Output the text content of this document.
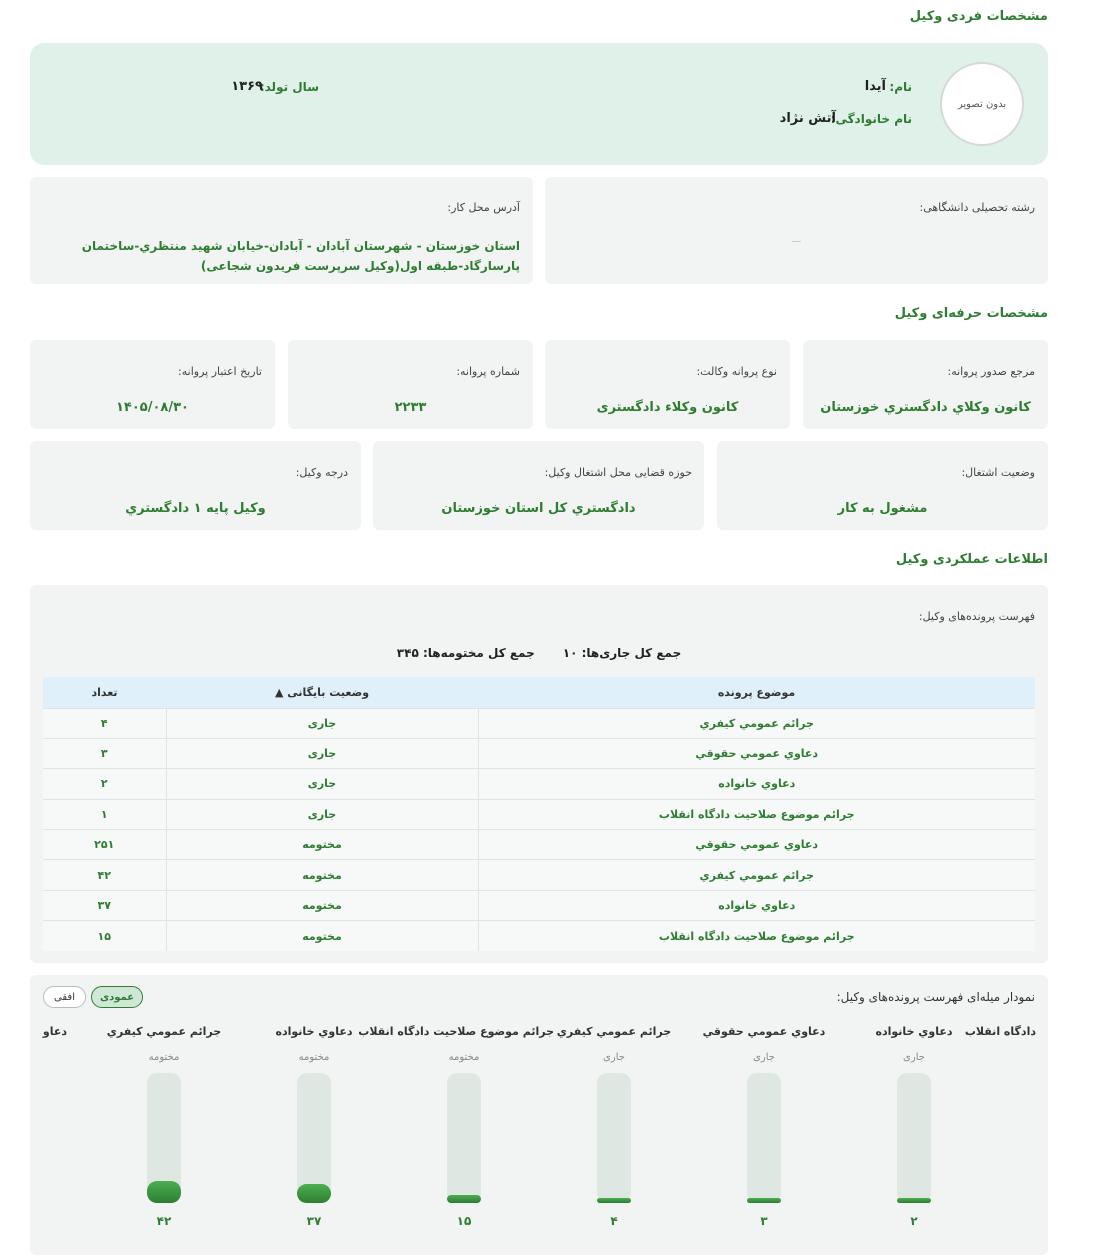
مشخصات فردی وکیل
بدون تصویر
نام:
آیدا
نام خانوادگی:
آتش نژاد
سال تولد:
۱۳۶۹
رشته تحصیلی دانشگاهی:
—
آدرس محل کار:
استان خوزستان - شهرستان آبادان - آبادان-خیابان شهید منتظري-ساختمان پارسارگاد-طبقه اول(وکیل سرپرست فریدون شجاعی)
مشخصات حرفه‌ای وکیل
مرجع صدور پروانه:
كانون وكلاي دادگستري خوزستان
نوع پروانه وکالت:
کانون وکلاء دادگستری
شماره پروانه:
۲۲۳۳
تاریخ اعتبار پروانه:
۱۴۰۵/۰۸/۳۰
وضعیت اشتغال:
مشغول به کار
حوزه قضایی محل اشتغال وکیل:
دادگستري كل استان خوزستان
درجه وکیل:
وكيل پايه ۱ دادگستري
اطلاعات عملکردی وکیل
فهرست پرونده‌های وکیل:
جمع کل جاری‌ها: ۱۰
جمع کل مختومه‌ها: ۳۴۵
موضوع پرونده	وضعیت بایگانی ▲	تعداد
جرائم عمومي كيفري	جاری	۴
دعاوي عمومي حقوقي	جاری	۳
دعاوي خانواده	جاری	۲
جرائم موضوع صلاحيت دادگاه انقلاب	جاری	۱
دعاوي عمومي حقوقي	مختومه	۲۵۱
جرائم عمومي كيفري	مختومه	۴۲
دعاوي خانواده	مختومه	۳۷
جرائم موضوع صلاحيت دادگاه انقلاب	مختومه	۱۵
نمودار میله‌ای فهرست پرونده‌های وکیل:
عمودی
افقی
دادگاه انقلاب
دعاو	دعاوي خانواده
جاری
۲
دعاوي عمومي حقوقي
جاری
۳
جرائم عمومي كيفري
جاری
۴
جرائم موضوع صلاحيت دادگاه انقلاب
مختومه
۱۵
دعاوي خانواده
مختومه
۳۷
جرائم عمومي كيفري
مختومه
۴۲
